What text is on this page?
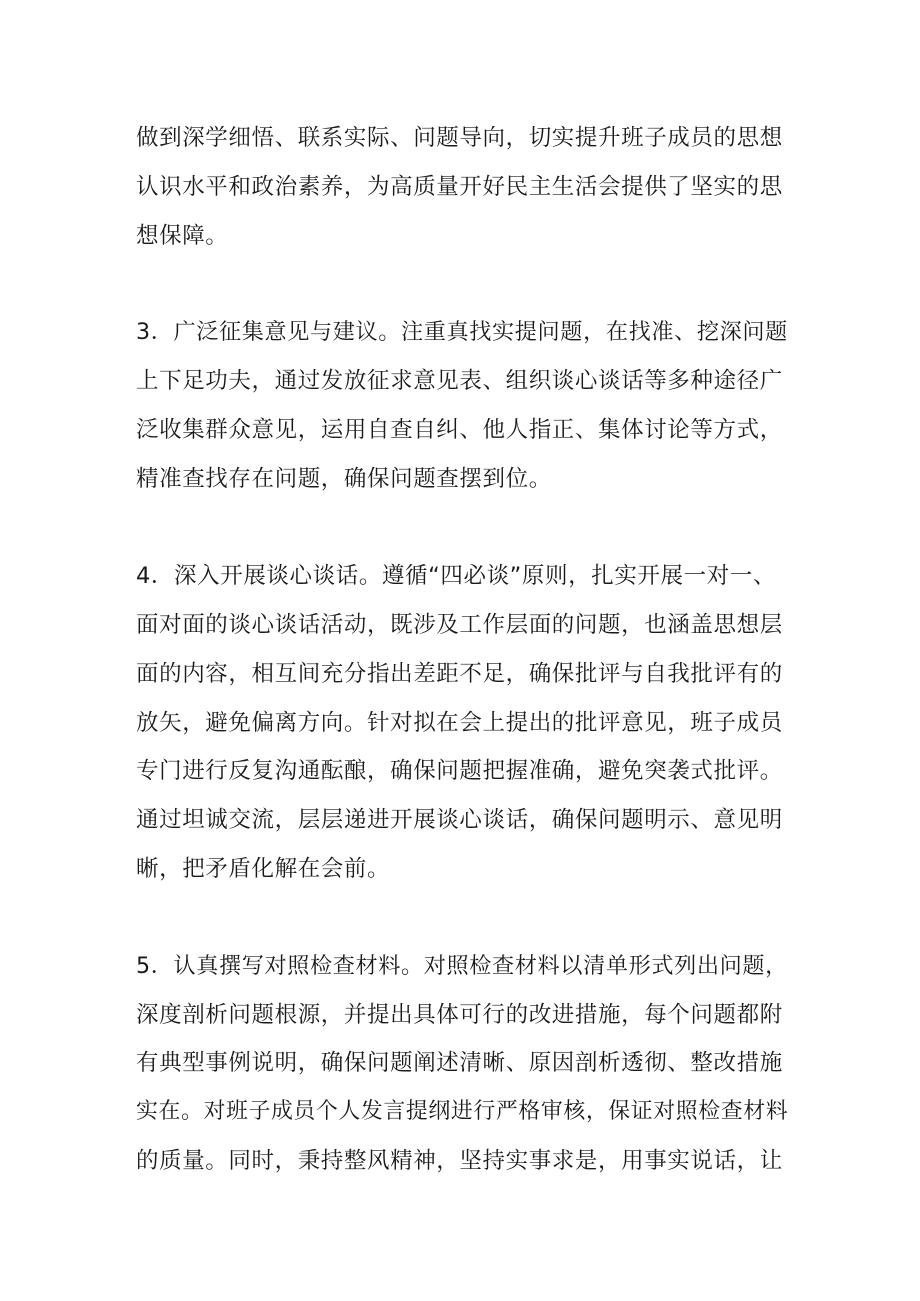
做到深学细悟、联系实际、问题导向，切实提升班子成员的思想

认识水平和政治素养，为高质量开好民主生活会提供了坚实的思

想保障。

3．广泛征集意见与建议。注重真找实提问题，在找准、挖深问题

上下足功夫，通过发放征求意见表、组织谈心谈话等多种途径广

泛收集群众意见，运用自查自纠、他人指正、集体讨论等方式，

精准查找存在问题，确保问题查摆到位。

4．深入开展谈心谈话。遵循“四必谈”原则，扎实开展一对一、

面对面的谈心谈话活动，既涉及工作层面的问题，也涵盖思想层

面的内容，相互间充分指出差距不足，确保批评与自我批评有的

放矢，避免偏离方向。针对拟在会上提出的批评意见，班子成员

专门进行反复沟通酝酿，确保问题把握准确，避免突袭式批评。

通过坦诚交流，层层递进开展谈心谈话，确保问题明示、意见明

晰，把矛盾化解在会前。

5．认真撰写对照检查材料。对照检查材料以清单形式列出问题，

深度剖析问题根源，并提出具体可行的改进措施，每个问题都附

有典型事例说明，确保问题阐述清晰、原因剖析透彻、整改措施

实在。对班子成员个人发言提纲进行严格审核，保证对照检查材料

的质量。同时，秉持整风精神，坚持实事求是，用事实说话，让
